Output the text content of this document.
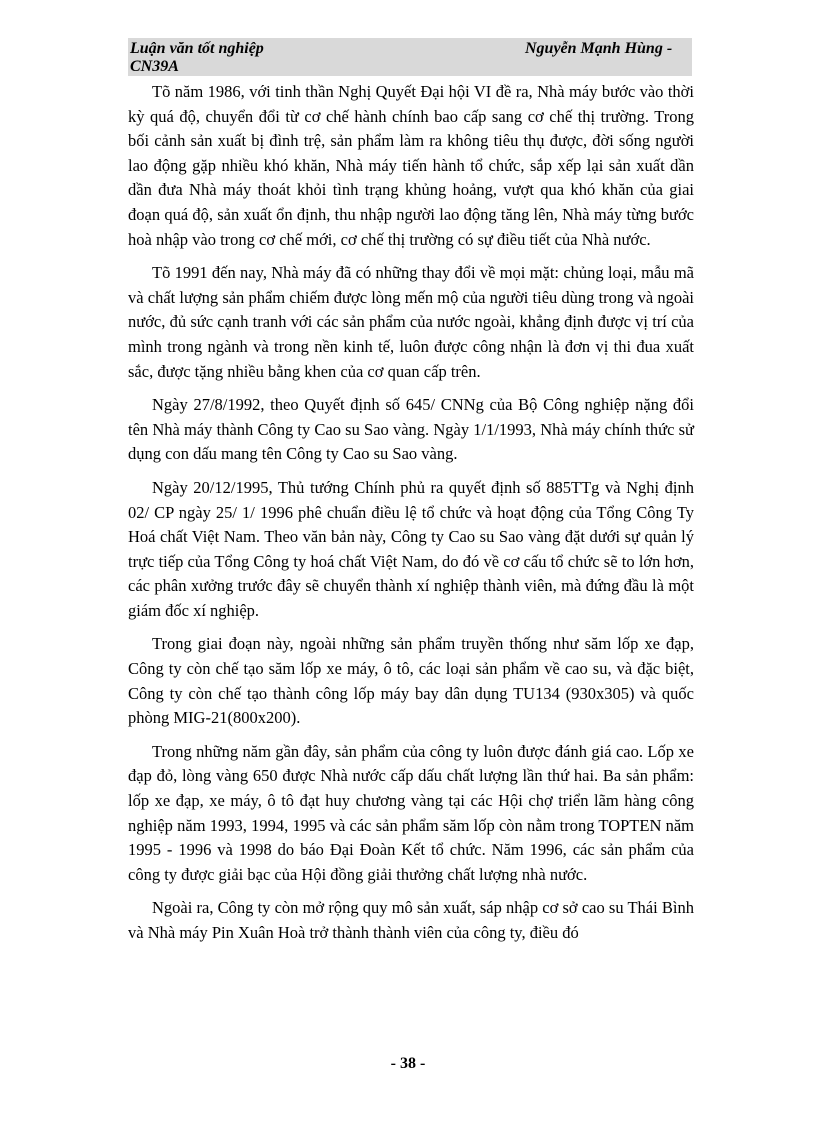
Luận văn tốt nghiệp	Nguyễn Mạnh Hùng -
CN39A

Tõ năm 1986, với tinh thần Nghị Quyết Đại hội VI đề ra, Nhà máy bước vào thời kỳ quá độ, chuyển đổi từ cơ chế hành chính bao cấp sang cơ chế thị trường. Trong bối cảnh sản xuất bị đình trệ, sản phẩm làm ra không tiêu thụ được, đời sống người lao động gặp nhiều khó khăn, Nhà máy tiến hành tổ chức, sắp xếp lại sản xuất dần dần đưa Nhà máy thoát khỏi tình trạng khủng hoảng, vượt qua khó khăn của giai đoạn quá độ, sản xuất ổn định, thu nhập người lao động tăng lên, Nhà máy từng bước hoà nhập vào trong cơ chế mới, cơ chế thị trường có sự điều tiết của Nhà nước.

Tõ 1991 đến nay, Nhà máy đã có những thay đổi về mọi mặt: chủng loại, mẫu mã và chất lượng sản phẩm chiếm được lòng mến mộ của người tiêu dùng trong và ngoài nước, đủ sức cạnh tranh với các sản phẩm của nước ngoài, khẳng định được vị trí của mình trong ngành và trong nền kinh tế, luôn được công nhận là đơn vị thi đua xuất sắc, được tặng nhiều bằng khen của cơ quan cấp trên.

Ngày 27/8/1992, theo Quyết định số 645/ CNNg của Bộ Công nghiệp nặng đổi tên Nhà máy thành Công ty Cao su Sao vàng. Ngày 1/1/1993, Nhà máy chính thức sử dụng con dấu mang tên Công ty Cao su Sao vàng.

Ngày 20/12/1995, Thủ tướng Chính phủ ra quyết định số 885TTg và Nghị định 02/ CP ngày 25/ 1/ 1996 phê chuẩn điều lệ tổ chức và hoạt động của Tổng Công Ty Hoá chất Việt Nam. Theo văn bản này, Công ty Cao su Sao vàng đặt dưới sự quản lý trực tiếp của Tổng Công ty hoá chất Việt Nam, do đó về cơ cấu tổ chức sẽ to lớn hơn, các phân xưởng trước đây sẽ chuyển thành xí nghiệp thành viên, mà đứng đầu là một giám đốc xí nghiệp.

Trong giai đoạn này, ngoài những sản phẩm truyền thống như săm lốp xe đạp, Công ty còn chế tạo săm lốp xe máy, ô tô, các loại sản phẩm về cao su, và đặc biệt, Công ty còn chế tạo thành công lốp máy bay dân dụng TU134 (930x305) và quốc phòng MIG-21(800x200).

Trong những năm gần đây, sản phẩm của công ty luôn được đánh giá cao. Lốp xe đạp đỏ, lòng vàng 650 được Nhà nước cấp dấu chất lượng lần thứ hai. Ba sản phẩm: lốp xe đạp, xe máy, ô tô đạt huy chương vàng tại các Hội chợ triển lãm hàng công nghiệp năm 1993, 1994, 1995 và các sản phẩm săm lốp còn nằm trong TOPTEN năm 1995 - 1996 và 1998 do báo Đại Đoàn Kết tổ chức. Năm 1996, các sản phẩm của công ty được giải bạc của Hội đồng giải thưởng chất lượng nhà nước.

Ngoài ra, Công ty còn mở rộng quy mô sản xuất, sáp nhập cơ sở cao su Thái Bình và Nhà máy Pin Xuân Hoà trở thành thành viên của công ty, điều đó

- 38 -
